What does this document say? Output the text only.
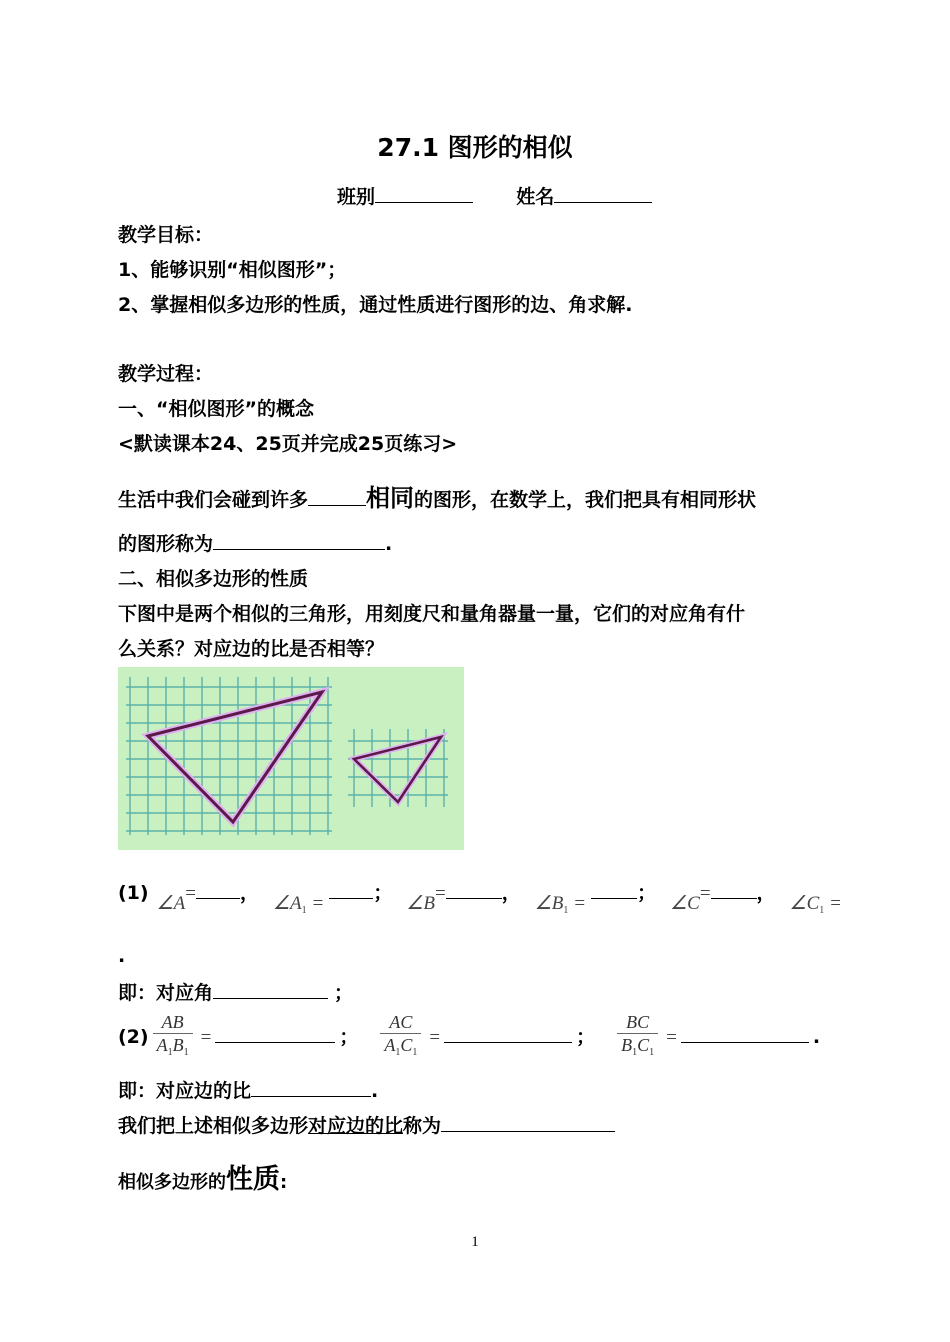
27.1 图形的相似
班别	姓名
教学目标：
1、能够识别“相似图形”；
2、掌握相似多边形的性质，通过性质进行图形的边、角求解.
教学过程：
一、“相似图形”的概念
<默读课本24、25页并完成25页练习>
生活中我们会碰到许多 相同的图形，在数学上，我们把具有相同形状
的图形称为	.
二、相似多边形的性质
下图中是两个相似的三角形，用刻度尺和量角器量一量，它们的对应角有什
么关系？对应边的比是否相等？
(1) ∠A= ， $\angle A_1$ =	； ∠B=	， $\angle B_1$ =	； ∠C= ， $\angle C_1$ =
.
即：对应角	；
$(2) \frac{AB}{A_1B_1}$ =	； $\frac{AC}{A_1C_1}$ =	； $\frac{BC}{B_1C_1}$ =	.
即：对应边的比	.
我们把上述相似多边形对应边的比称为
相似多边形的性质:
1
